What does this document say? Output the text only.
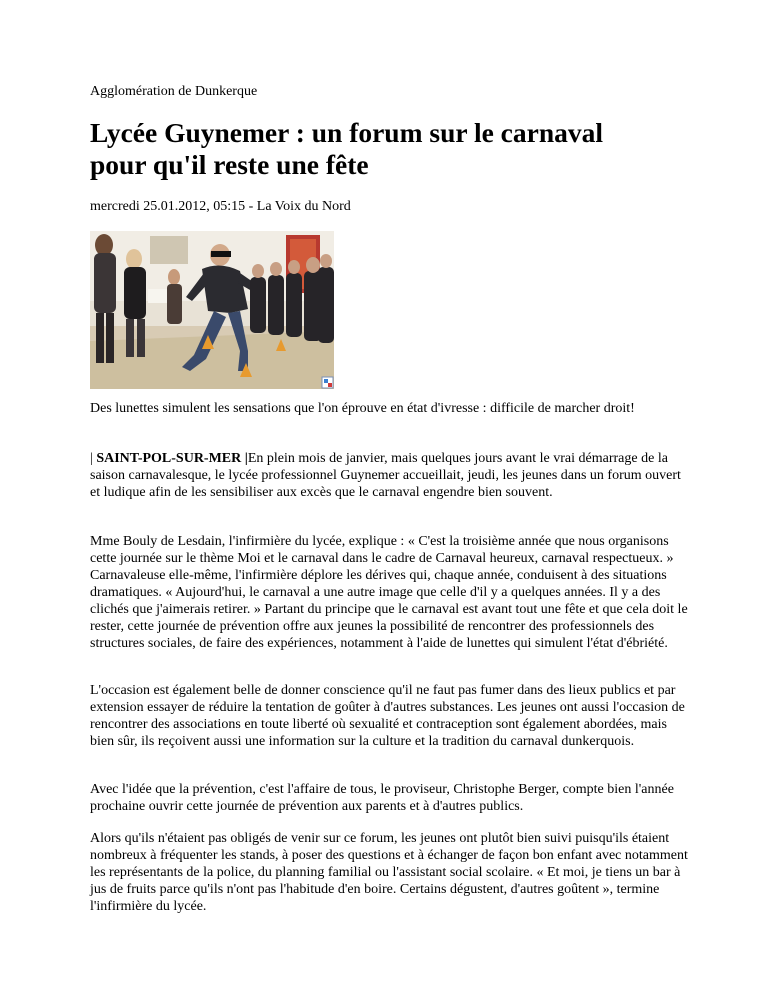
Agglomération de Dunkerque
Lycée Guynemer : un forum sur le carnaval
pour qu'il reste une fête
mercredi 25.01.2012, 05:15 - La Voix du Nord
Des lunettes simulent les sensations que l'on éprouve en état d'ivresse : difficile de marcher droit!

| SAINT-POL-SUR-MER |En plein mois de janvier, mais quelques jours avant le vrai démarrage de la saison carnavalesque, le lycée professionnel Guynemer accueillait, jeudi, les jeunes dans un forum ouvert et ludique afin de les sensibiliser aux excès que le carnaval engendre bien souvent.

Mme Bouly de Lesdain, l'infirmière du lycée, explique : « C'est la troisième année que nous organisons cette journée sur le thème Moi et le carnaval dans le cadre de Carnaval heureux, carnaval respectueux. » Carnavaleuse elle-même, l'infirmière déplore les dérives qui, chaque année, conduisent à des situations dramatiques. « Aujourd'hui, le carnaval a une autre image que celle d'il y a quelques années. Il y a des clichés que j'aimerais retirer. » Partant du principe que le carnaval est avant tout une fête et que cela doit le rester, cette journée de prévention offre aux jeunes la possibilité de rencontrer des professionnels des structures sociales, de faire des expériences, notamment à l'aide de lunettes qui simulent l'état d'ébriété.

L'occasion est également belle de donner conscience qu'il ne faut pas fumer dans des lieux publics et par extension essayer de réduire la tentation de goûter à d'autres substances. Les jeunes ont aussi l'occasion de rencontrer des associations en toute liberté où sexualité et contraception sont également abordées, mais bien sûr, ils reçoivent aussi une information sur la culture et la tradition du carnaval dunkerquois.

Avec l'idée que la prévention, c'est l'affaire de tous, le proviseur, Christophe Berger, compte bien l'année prochaine ouvrir cette journée de prévention aux parents et à d'autres publics.

Alors qu'ils n'étaient pas obligés de venir sur ce forum, les jeunes ont plutôt bien suivi puisqu'ils étaient nombreux à fréquenter les stands, à poser des questions et à échanger de façon bon enfant avec notamment les représentants de la police, du planning familial ou l'assistant social scolaire. « Et moi, je tiens un bar à jus de fruits parce qu'ils n'ont pas l'habitude d'en boire. Certains dégustent, d'autres goûtent », termine l'infirmière du lycée.
